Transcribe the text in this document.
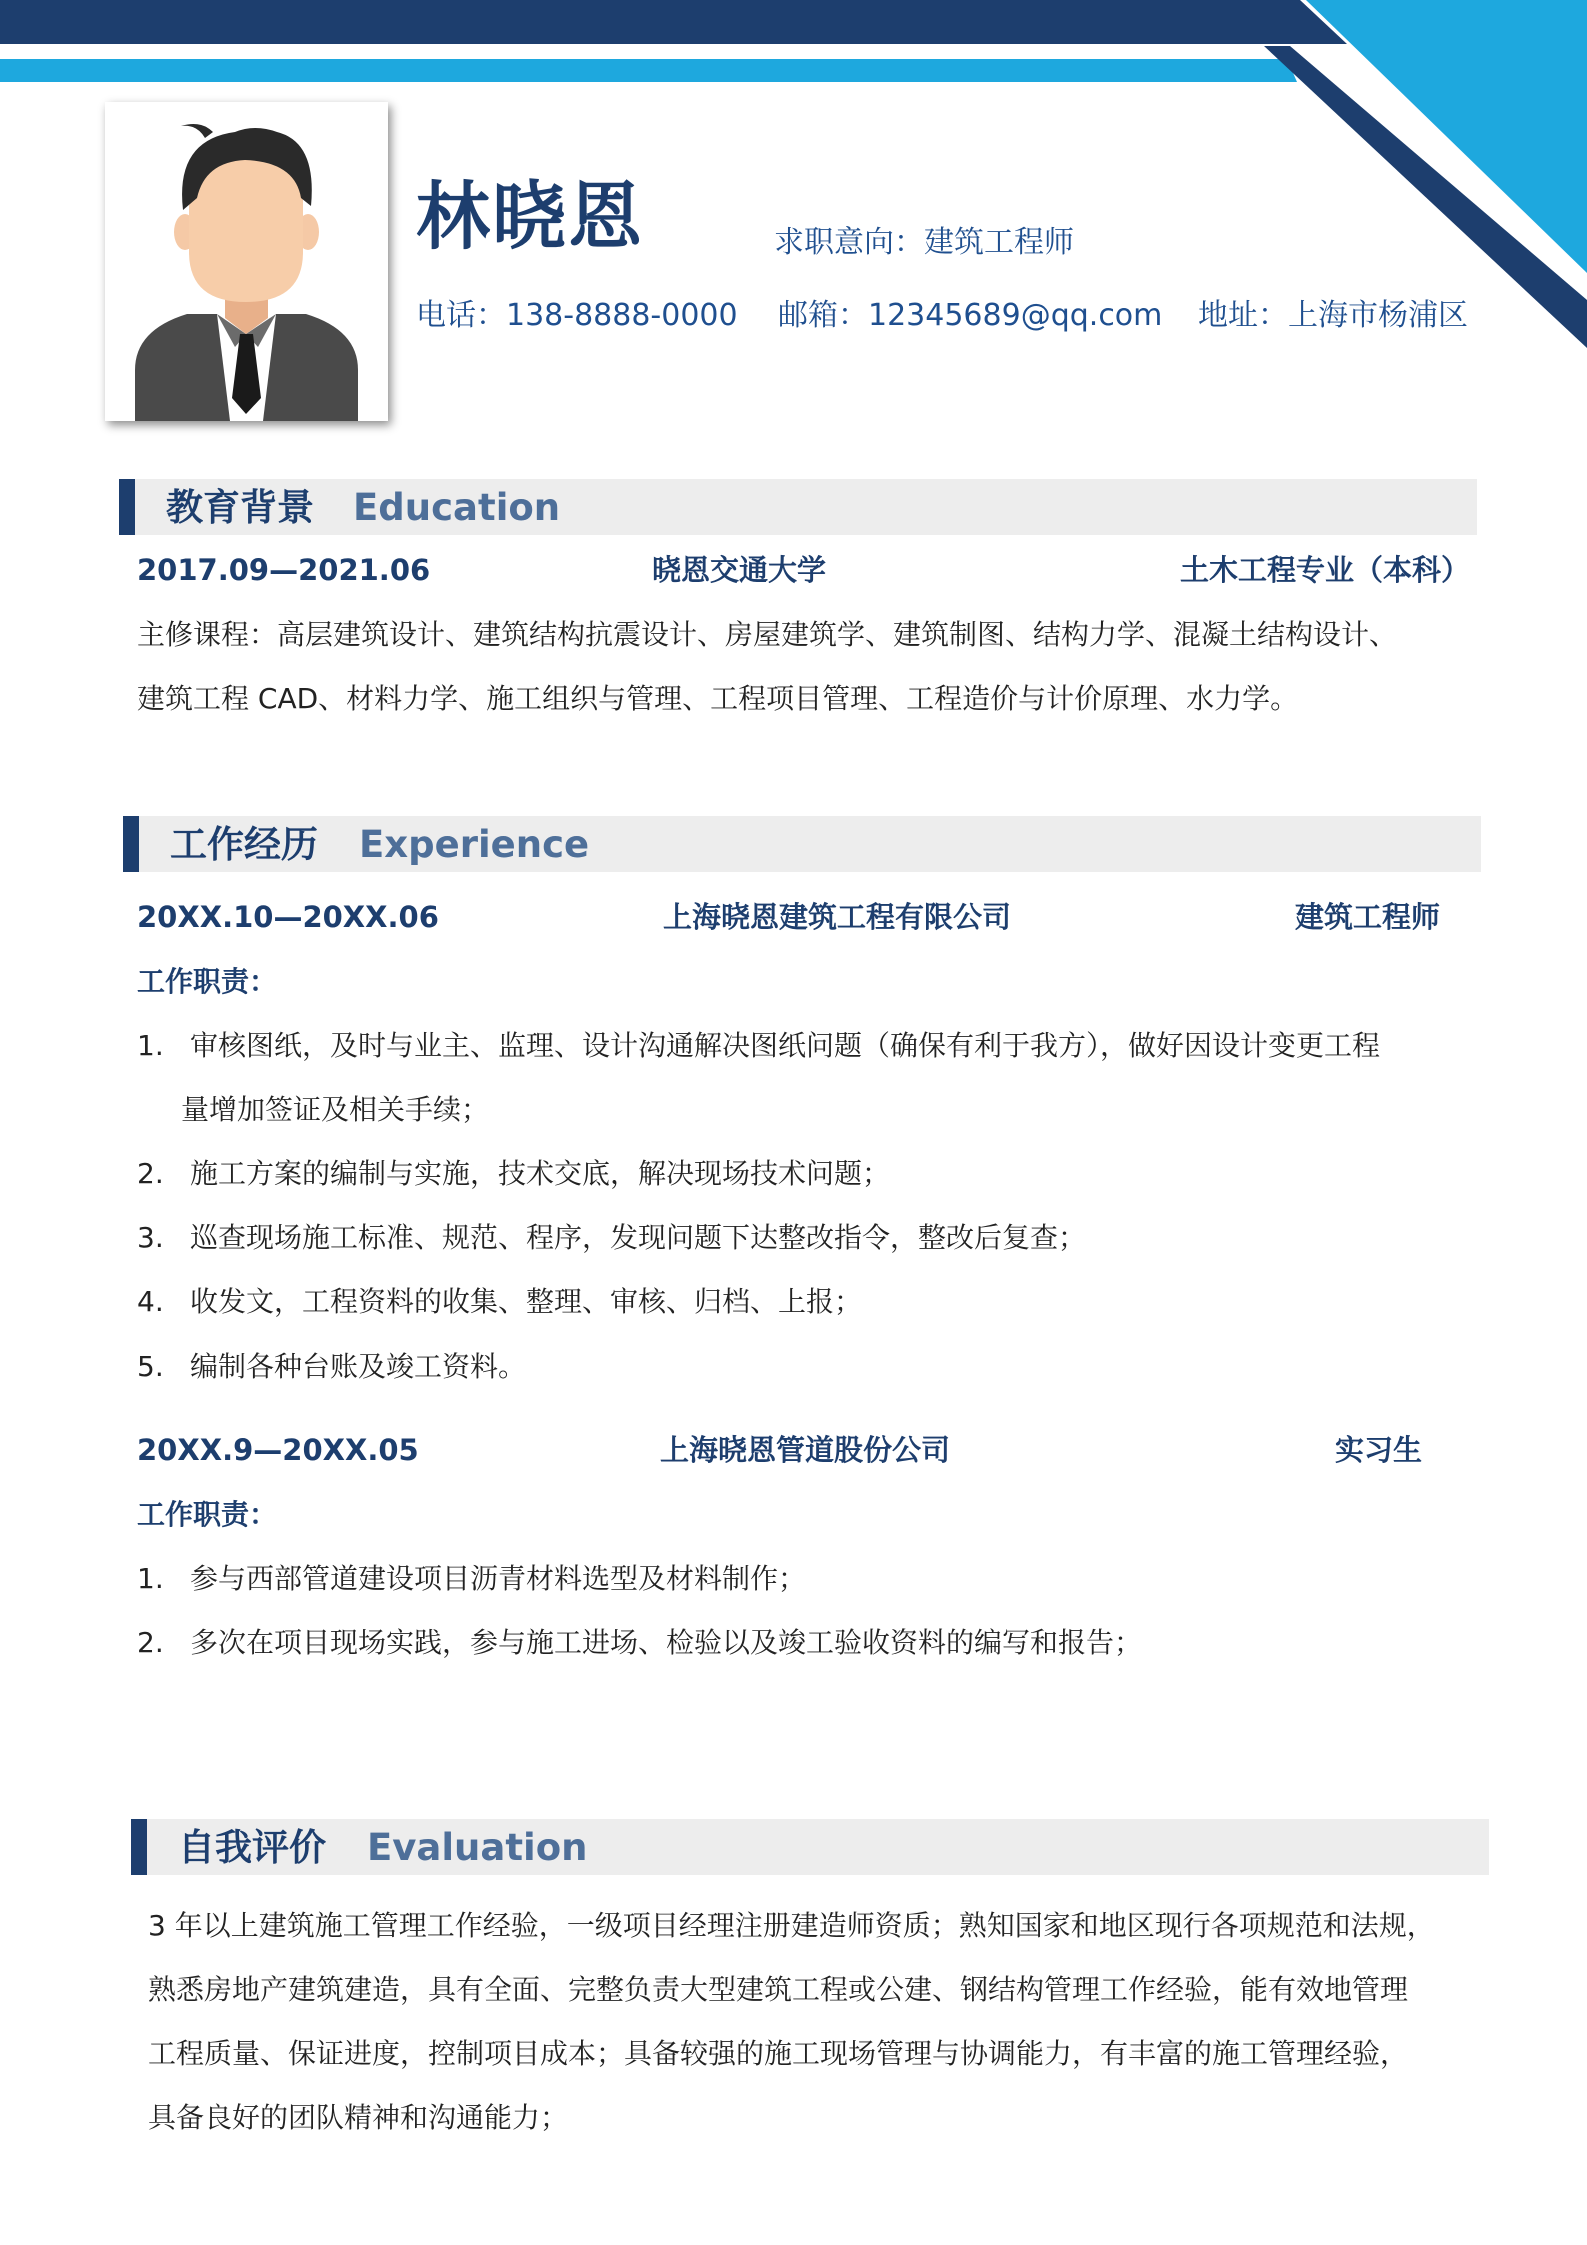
林晓恩	求职意向：建筑工程师
电话：138-8888-0000 邮箱：12345689@qq.com 地址：上海市杨浦区
教育背景 Education
2017.09—2021.06	晓恩交通大学	土木工程专业（本科）
主修课程：高层建筑设计、建筑结构抗震设计、房屋建筑学、建筑制图、结构力学、混凝土结构设计、
建筑工程 CAD、材料力学、施工组织与管理、工程项目管理、工程造价与计价原理、水力学。
工作经历 Experience
20XX.10—20XX.06	上海晓恩建筑工程有限公司	建筑工程师
工作职责：
1. 审核图纸，及时与业主、监理、设计沟通解决图纸问题（确保有利于我方），做好因设计变更工程
量增加签证及相关手续；
2. 施工方案的编制与实施，技术交底，解决现场技术问题；
3. 巡查现场施工标准、规范、程序，发现问题下达整改指令，整改后复查；
4. 收发文，工程资料的收集、整理、审核、归档、上报；
5. 编制各种台账及竣工资料。
20XX.9—20XX.05	上海晓恩管道股份公司	实习生
工作职责：
1. 参与西部管道建设项目沥青材料选型及材料制作；
2. 多次在项目现场实践，参与施工进场、检验以及竣工验收资料的编写和报告；
自我评价 Evaluation
3 年以上建筑施工管理工作经验，一级项目经理注册建造师资质；熟知国家和地区现行各项规范和法规，
熟悉房地产建筑建造，具有全面、完整负责大型建筑工程或公建、钢结构管理工作经验，能有效地管理
工程质量、保证进度，控制项目成本；具备较强的施工现场管理与协调能力，有丰富的施工管理经验，
具备良好的团队精神和沟通能力；
